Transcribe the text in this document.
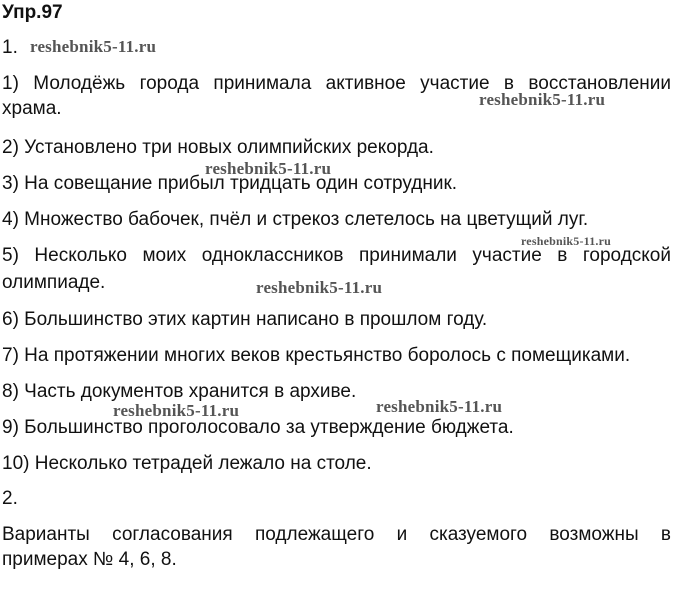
Упр.97
1.
1) Молодёжь города принимала активное участие в восстановлении
храма.
2) Установлено три новых олимпийских рекорда.
3) На совещание прибыл тридцать один сотрудник.
4) Множество бабочек, пчёл и стрекоз слетелось на цветущий луг.
5) Несколько моих одноклассников принимали участие в городской
олимпиаде.
6) Большинство этих картин написано в прошлом году.
7) На протяжении многих веков крестьянство боролось с помещиками.
8) Часть документов хранится в архиве.
9) Большинство проголосовало за утверждение бюджета.
10) Несколько тетрадей лежало на столе.
2.
Варианты согласования подлежащего и сказуемого возможны в
примерах № 4, 6, 8.
reshebnik5-11.ru
reshebnik5-11.ru
reshebnik5-11.ru
reshebnik5-11.ru
reshebnik5-11.ru
reshebnik5-11.ru	reshebnik5-11.ru
